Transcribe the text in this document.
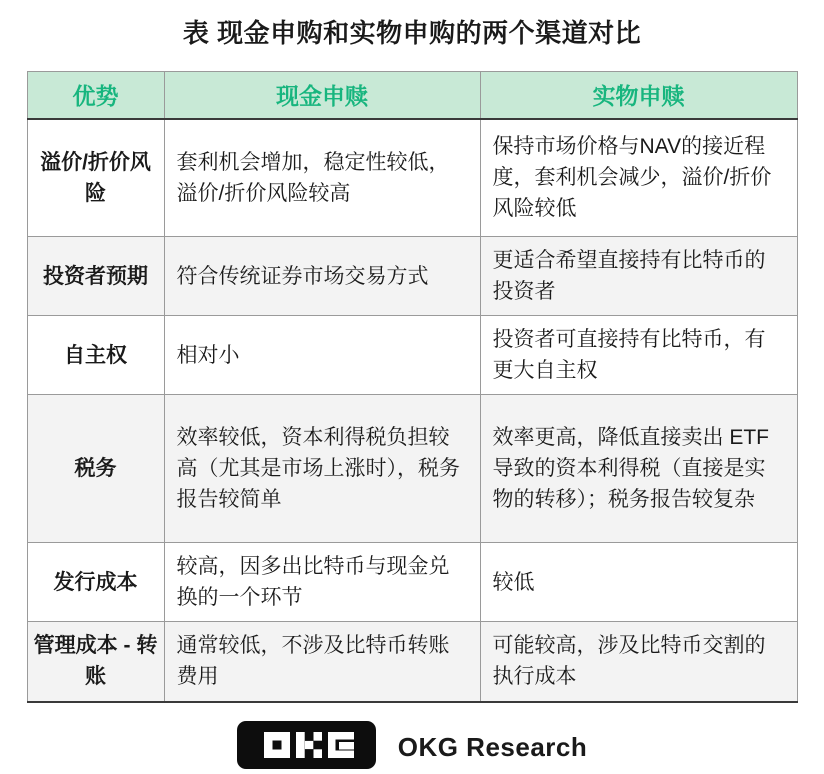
表 现金申购和实物申购的两个渠道对比
优势	现金申赎	实物申赎
溢价/折价风险	套利机会增加，稳定性较低，溢价/折价风险较高	保持市场价格与NAV的接近程度，套利机会减少，溢价/折价风险较低
投资者预期	符合传统证券市场交易方式	更适合希望直接持有比特币的投资者
自主权	相对小	投资者可直接持有比特币，有更大自主权
税务	效率较低，资本利得税负担较高（尤其是市场上涨时），税务报告较简单	效率更高，降低直接卖出 ETF 导致的资本利得税（直接是实物的转移）；税务报告较复杂
发行成本	较高，因多出比特币与现金兑换的一个环节	较低
管理成本 - 转账	通常较低，不涉及比特币转账费用	可能较高，涉及比特币交割的执行成本
OKG Research
